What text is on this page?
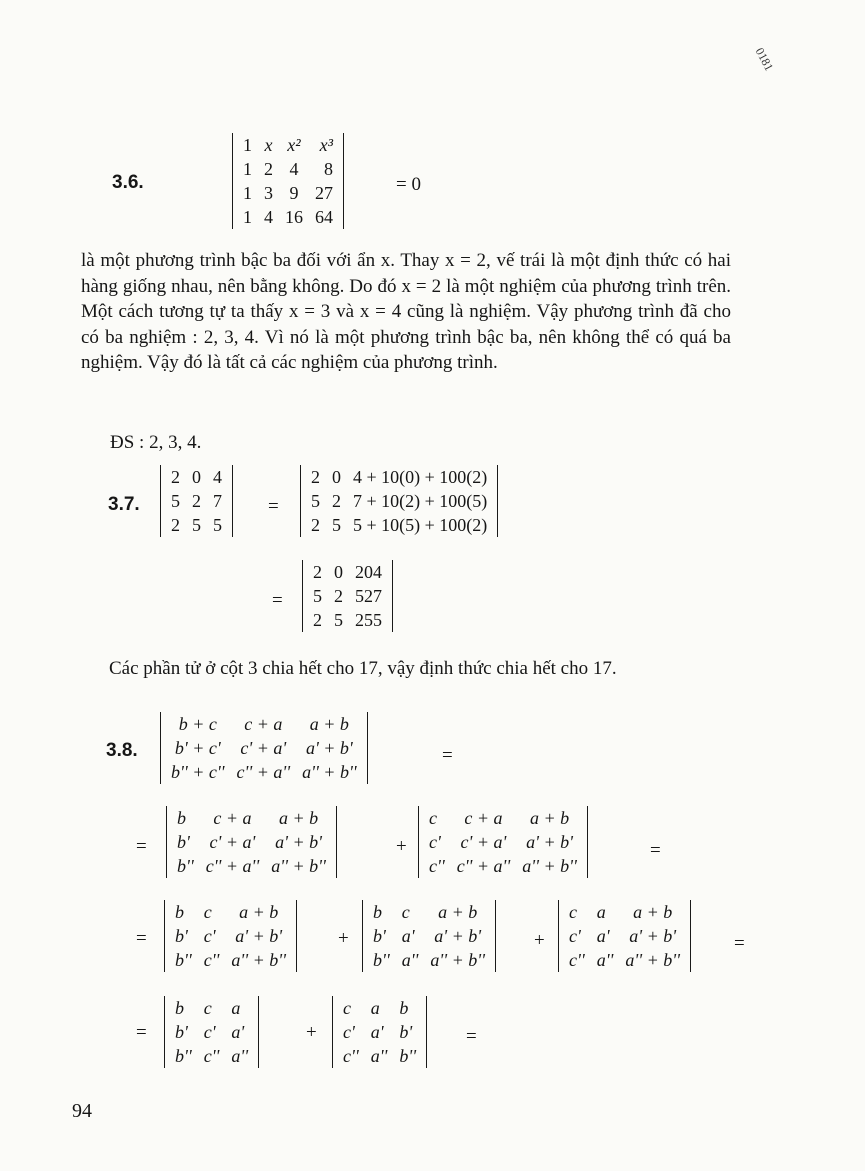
0181
3.6.
1	x	x²	x³
1	2	4	8
1	3	9	27
1	4	16	64
= 0
là một phương trình bậc ba đối với ẩn x. Thay x = 2, vế trái là một định thức có hai hàng giống nhau, nên bằng không. Do đó x = 2 là một nghiệm của phương trình trên. Một cách tương tự ta thấy x = 3 và x = 4 cũng là nghiệm. Vậy phương trình đã cho có ba nghiệm : 2, 3, 4. Vì nó là một phương trình bậc ba, nên không thể có quá ba nghiệm. Vậy đó là tất cả các nghiệm của phương trình.
ĐS : 2, 3, 4.
3.7.
2	0	4
5	2	7
2	5	5
=
2	0	4 + 10(0) + 100(2)
5	2	7 + 10(2) + 100(5)
2	5	5 + 10(5) + 100(2)
=
2	0	204
5	2	527
2	5	255
Các phần tử ở cột 3 chia hết cho 17, vậy định thức chia hết cho 17.
3.8.
b + c	c + a	a + b
b' + c'	c' + a'	a' + b'
b'' + c''	c'' + a''	a'' + b''
=
=
b	c + a	a + b
b'	c' + a'	a' + b'
b''	c'' + a''	a'' + b''
+
c	c + a	a + b
c'	c' + a'	a' + b'
c''	c'' + a''	a'' + b''
=
=
b	c	a + b
b'	c'	a' + b'
b''	c''	a'' + b''
+
b	c	a + b
b'	a'	a' + b'
b''	a''	a'' + b''
+
c	a	a + b
c'	a'	a' + b'
c''	a''	a'' + b''
=
=
b	c	a
b'	c'	a'
b''	c''	a''
+
c	a	b
c'	a'	b'
c''	a''	b''
=
94
